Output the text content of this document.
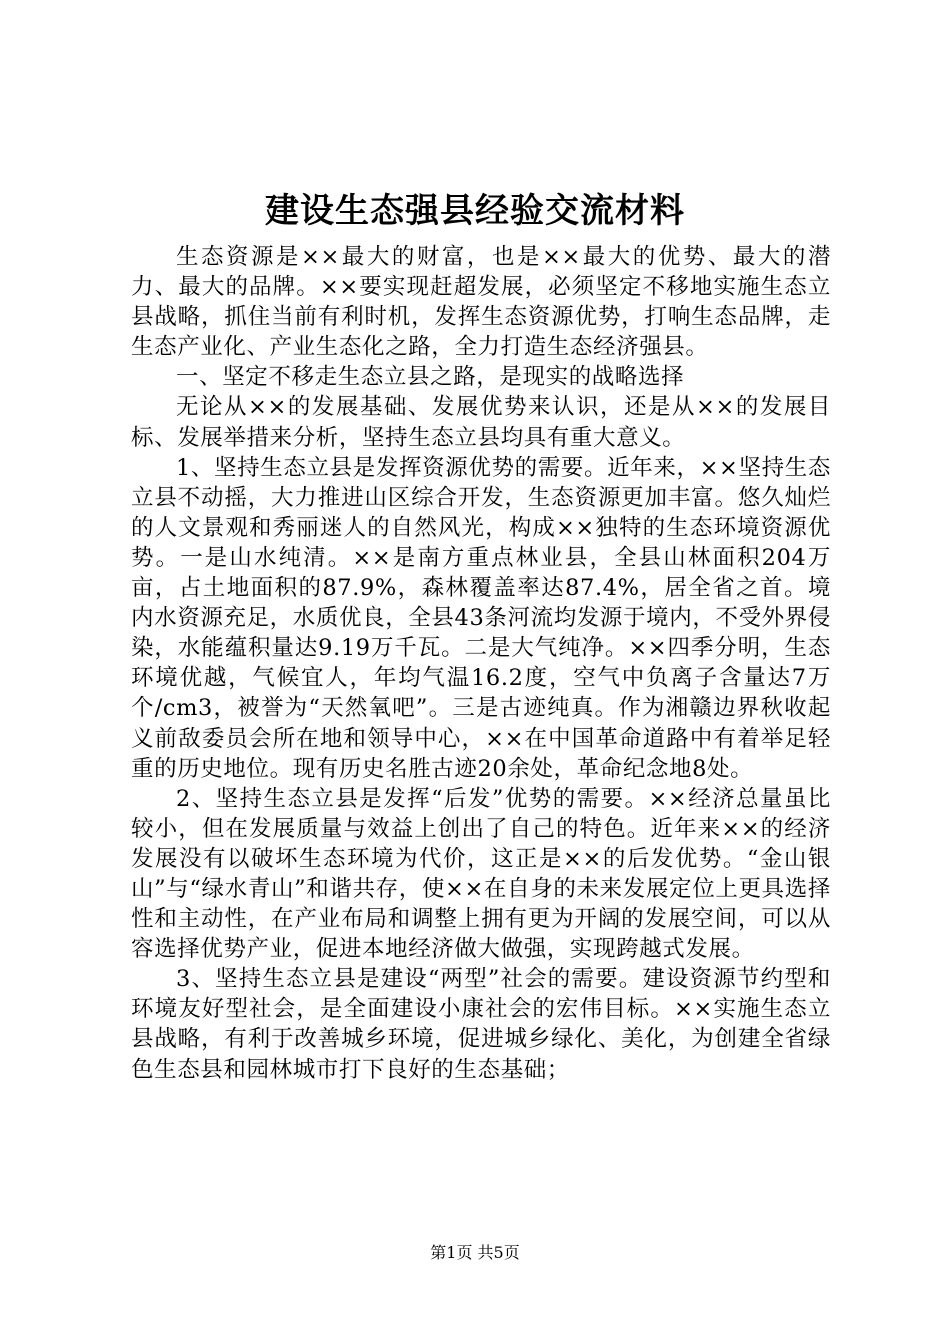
建设生态强县经验交流材料

生态资源是××最大的财富，也是××最大的优势、最大的潜力、最大的品牌。××要实现赶超发展，必须坚定不移地实施生态立县战略，抓住当前有利时机，发挥生态资源优势，打响生态品牌，走生态产业化、产业生态化之路，全力打造生态经济强县。

一、坚定不移走生态立县之路，是现实的战略选择

无论从××的发展基础、发展优势来认识，还是从××的发展目标、发展举措来分析，坚持生态立县均具有重大意义。

1、坚持生态立县是发挥资源优势的需要。近年来，××坚持生态立县不动摇，大力推进山区综合开发，生态资源更加丰富。悠久灿烂的人文景观和秀丽迷人的自然风光，构成××独特的生态环境资源优势。一是山水纯清。××是南方重点林业县，全县山林面积204万亩，占土地面积的87.9%，森林覆盖率达87.4%，居全省之首。境内水资源充足，水质优良，全县43条河流均发源于境内，不受外界侵染，水能蕴积量达9.19万千瓦。二是大气纯净。××四季分明，生态环境优越，气候宜人，年均气温16.2度，空气中负离子含量达7万个/cm3，被誉为“天然氧吧”。三是古迹纯真。作为湘赣边界秋收起义前敌委员会所在地和领导中心，××在中国革命道路中有着举足轻重的历史地位。现有历史名胜古迹20余处，革命纪念地8处。

2、坚持生态立县是发挥“后发”优势的需要。××经济总量虽比较小，但在发展质量与效益上创出了自己的特色。近年来××的经济发展没有以破坏生态环境为代价，这正是××的后发优势。“金山银山”与“绿水青山”和谐共存，使××在自身的未来发展定位上更具选择性和主动性，在产业布局和调整上拥有更为开阔的发展空间，可以从容选择优势产业，促进本地经济做大做强，实现跨越式发展。

3、坚持生态立县是建设“两型”社会的需要。建设资源节约型和环境友好型社会，是全面建设小康社会的宏伟目标。××实施生态立县战略，有利于改善城乡环境，促进城乡绿化、美化，为创建全省绿色生态县和园林城市打下良好的生态基础；

第1页 共5页
